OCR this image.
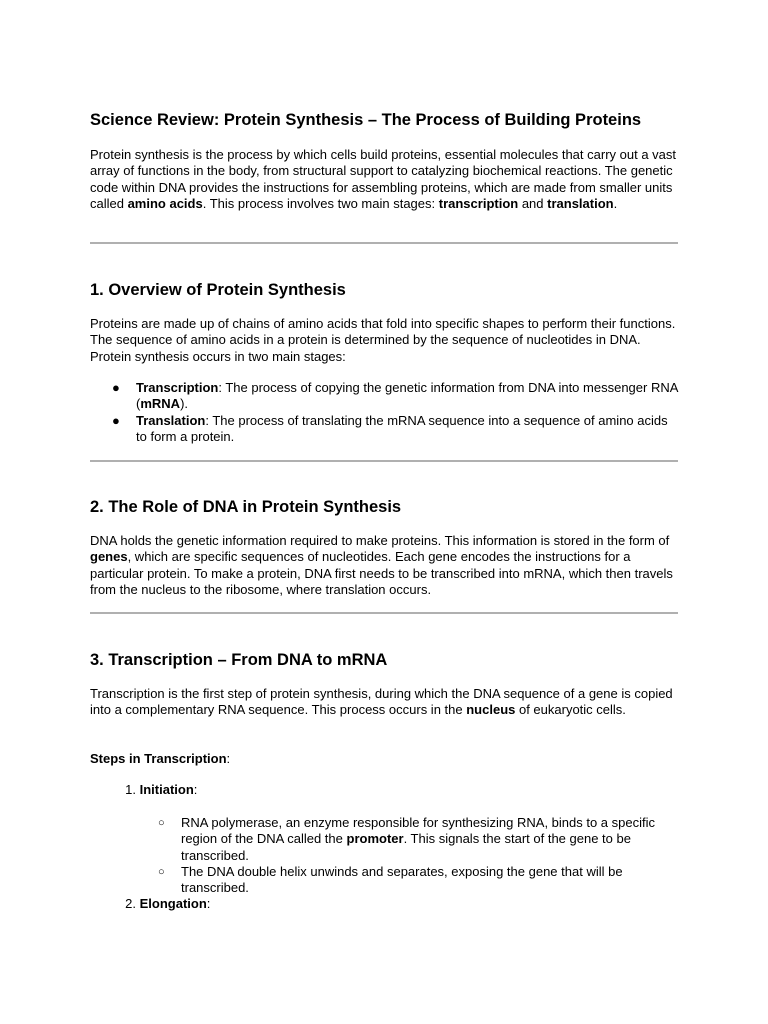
Science Review: Protein Synthesis – The Process of Building Proteins

Protein synthesis is the process by which cells build proteins, essential molecules that carry out a vast array of functions in the body, from structural support to catalyzing biochemical reactions. The genetic code within DNA provides the instructions for assembling proteins, which are made from smaller units called amino acids. This process involves two main stages: transcription and translation.

1. Overview of Protein Synthesis

Proteins are made up of chains of amino acids that fold into specific shapes to perform their functions. The sequence of amino acids in a protein is determined by the sequence of nucleotides in DNA. Protein synthesis occurs in two main stages:

● Transcription: The process of copying the genetic information from DNA into messenger RNA (mRNA).
● Translation: The process of translating the mRNA sequence into a sequence of amino acids to form a protein.
2. The Role of DNA in Protein Synthesis

DNA holds the genetic information required to make proteins. This information is stored in the form of genes, which are specific sequences of nucleotides. Each gene encodes the instructions for a particular protein. To make a protein, DNA first needs to be transcribed into mRNA, which then travels from the nucleus to the ribosome, where translation occurs.

3. Transcription – From DNA to mRNA

Transcription is the first step of protein synthesis, during which the DNA sequence of a gene is copied into a complementary RNA sequence. This process occurs in the nucleus of eukaryotic cells.

Steps in Transcription:

1. Initiation:
○ RNA polymerase, an enzyme responsible for synthesizing RNA, binds to a specific region of the DNA called the promoter. This signals the start of the gene to be transcribed.
○ The DNA double helix unwinds and separates, exposing the gene that will be transcribed.
2. Elongation:
